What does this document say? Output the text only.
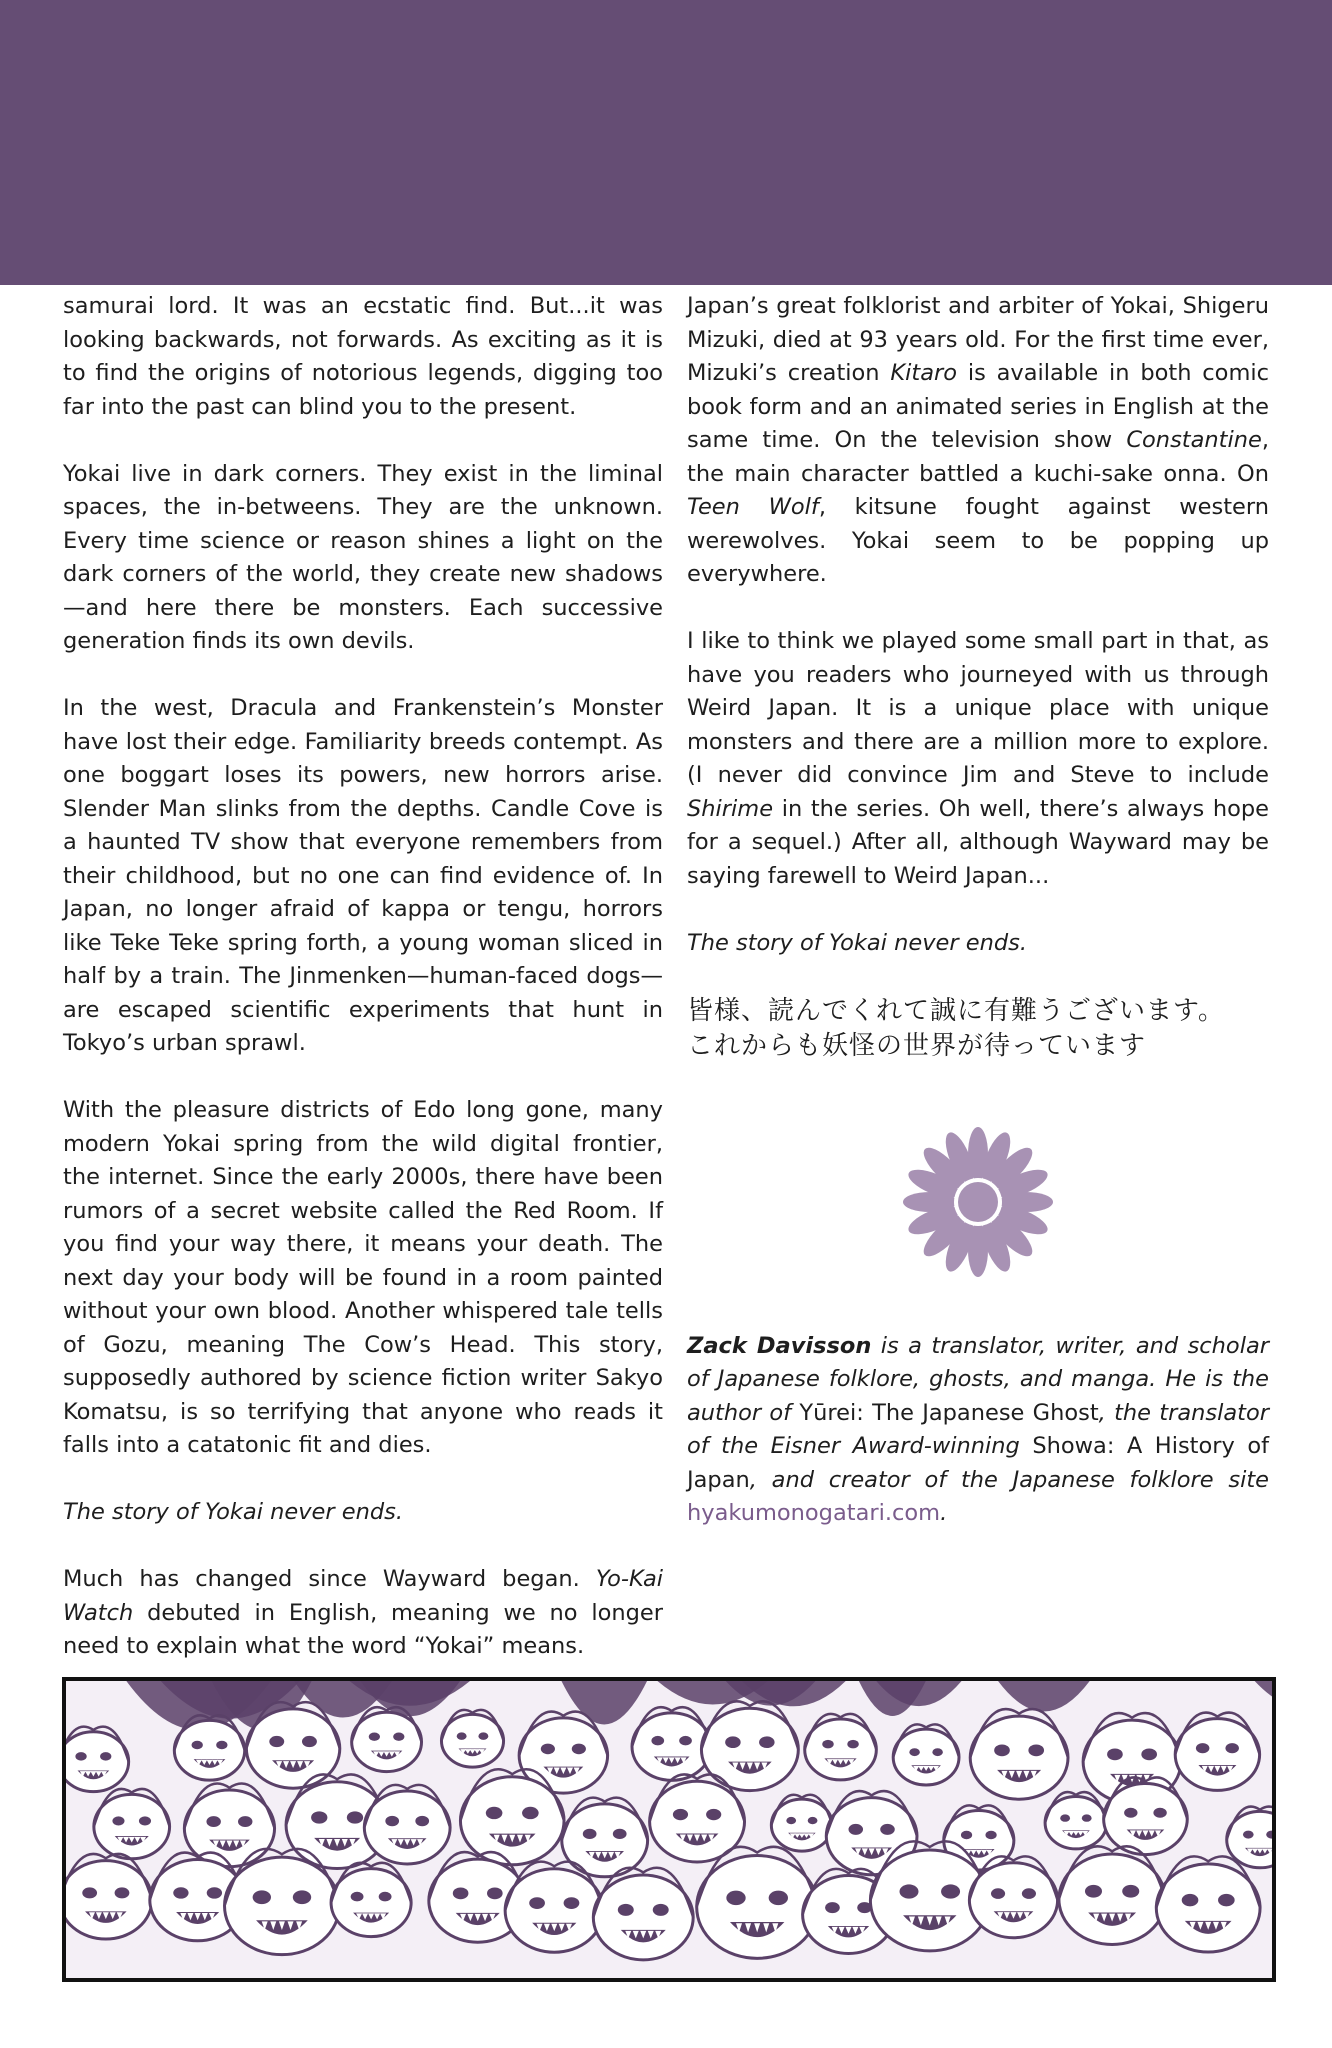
samurai lord. It was an ecstatic find. But...it was looking backwards, not forwards. As exciting as it is to find the origins of notorious legends, digging too far into the past can blind you to the present.

Yokai live in dark corners. They exist in the liminal spaces, the in-betweens. They are the unknown. Every time science or reason shines a light on the dark corners of the world, they create new shadows—and here there be monsters. Each successive generation finds its own devils.

In the west, Dracula and Frankenstein’s Monster have lost their edge. Familiarity breeds contempt. As one boggart loses its powers, new horrors arise. Slender Man slinks from the depths. Candle Cove is a haunted TV show that everyone remembers from their childhood, but no one can find evidence of. In Japan, no longer afraid of kappa or tengu, horrors like Teke Teke spring forth, a young woman sliced in half by a train. The Jinmenken—human-faced dogs—are escaped scientific experiments that hunt in Tokyo’s urban sprawl.

With the pleasure districts of Edo long gone, many modern Yokai spring from the wild digital frontier, the internet. Since the early 2000s, there have been rumors of a secret website called the Red Room. If you find your way there, it means your death. The next day your body will be found in a room painted without your own blood. Another whispered tale tells of Gozu, meaning The Cow’s Head. This story, supposedly authored by science fiction writer Sakyo Komatsu, is so terrifying that anyone who reads it falls into a catatonic fit and dies.

The story of Yokai never ends.

Much has changed since Wayward began. Yo-Kai Watch debuted in English, meaning we no longer need to explain what the word “Yokai” means.

Japan’s great folklorist and arbiter of Yokai, Shigeru Mizuki, died at 93 years old. For the first time ever, Mizuki’s creation Kitaro is available in both comic book form and an animated series in English at the same time. On the television show Constantine, the main character battled a kuchi-sake onna. On Teen Wolf, kitsune fought against western werewolves. Yokai seem to be popping up everywhere.

I like to think we played some small part in that, as have you readers who journeyed with us through Weird Japan. It is a unique place with unique monsters and there are a million more to explore. (I never did convince Jim and Steve to include Shirime in the series. Oh well, there’s always hope for a sequel.) After all, although Wayward may be saying farewell to Weird Japan...

The story of Yokai never ends.

皆様、読んでくれて誠に有難うございます。
これからも妖怪の世界が待っています

Zack Davisson is a translator, writer, and scholar of Japanese folklore, ghosts, and manga. He is the author of Yūrei: The Japanese Ghost, the translator of the Eisner Award-winning Showa: A History of Japan, and creator of the Japanese folklore site hyakumonogatari.com.
